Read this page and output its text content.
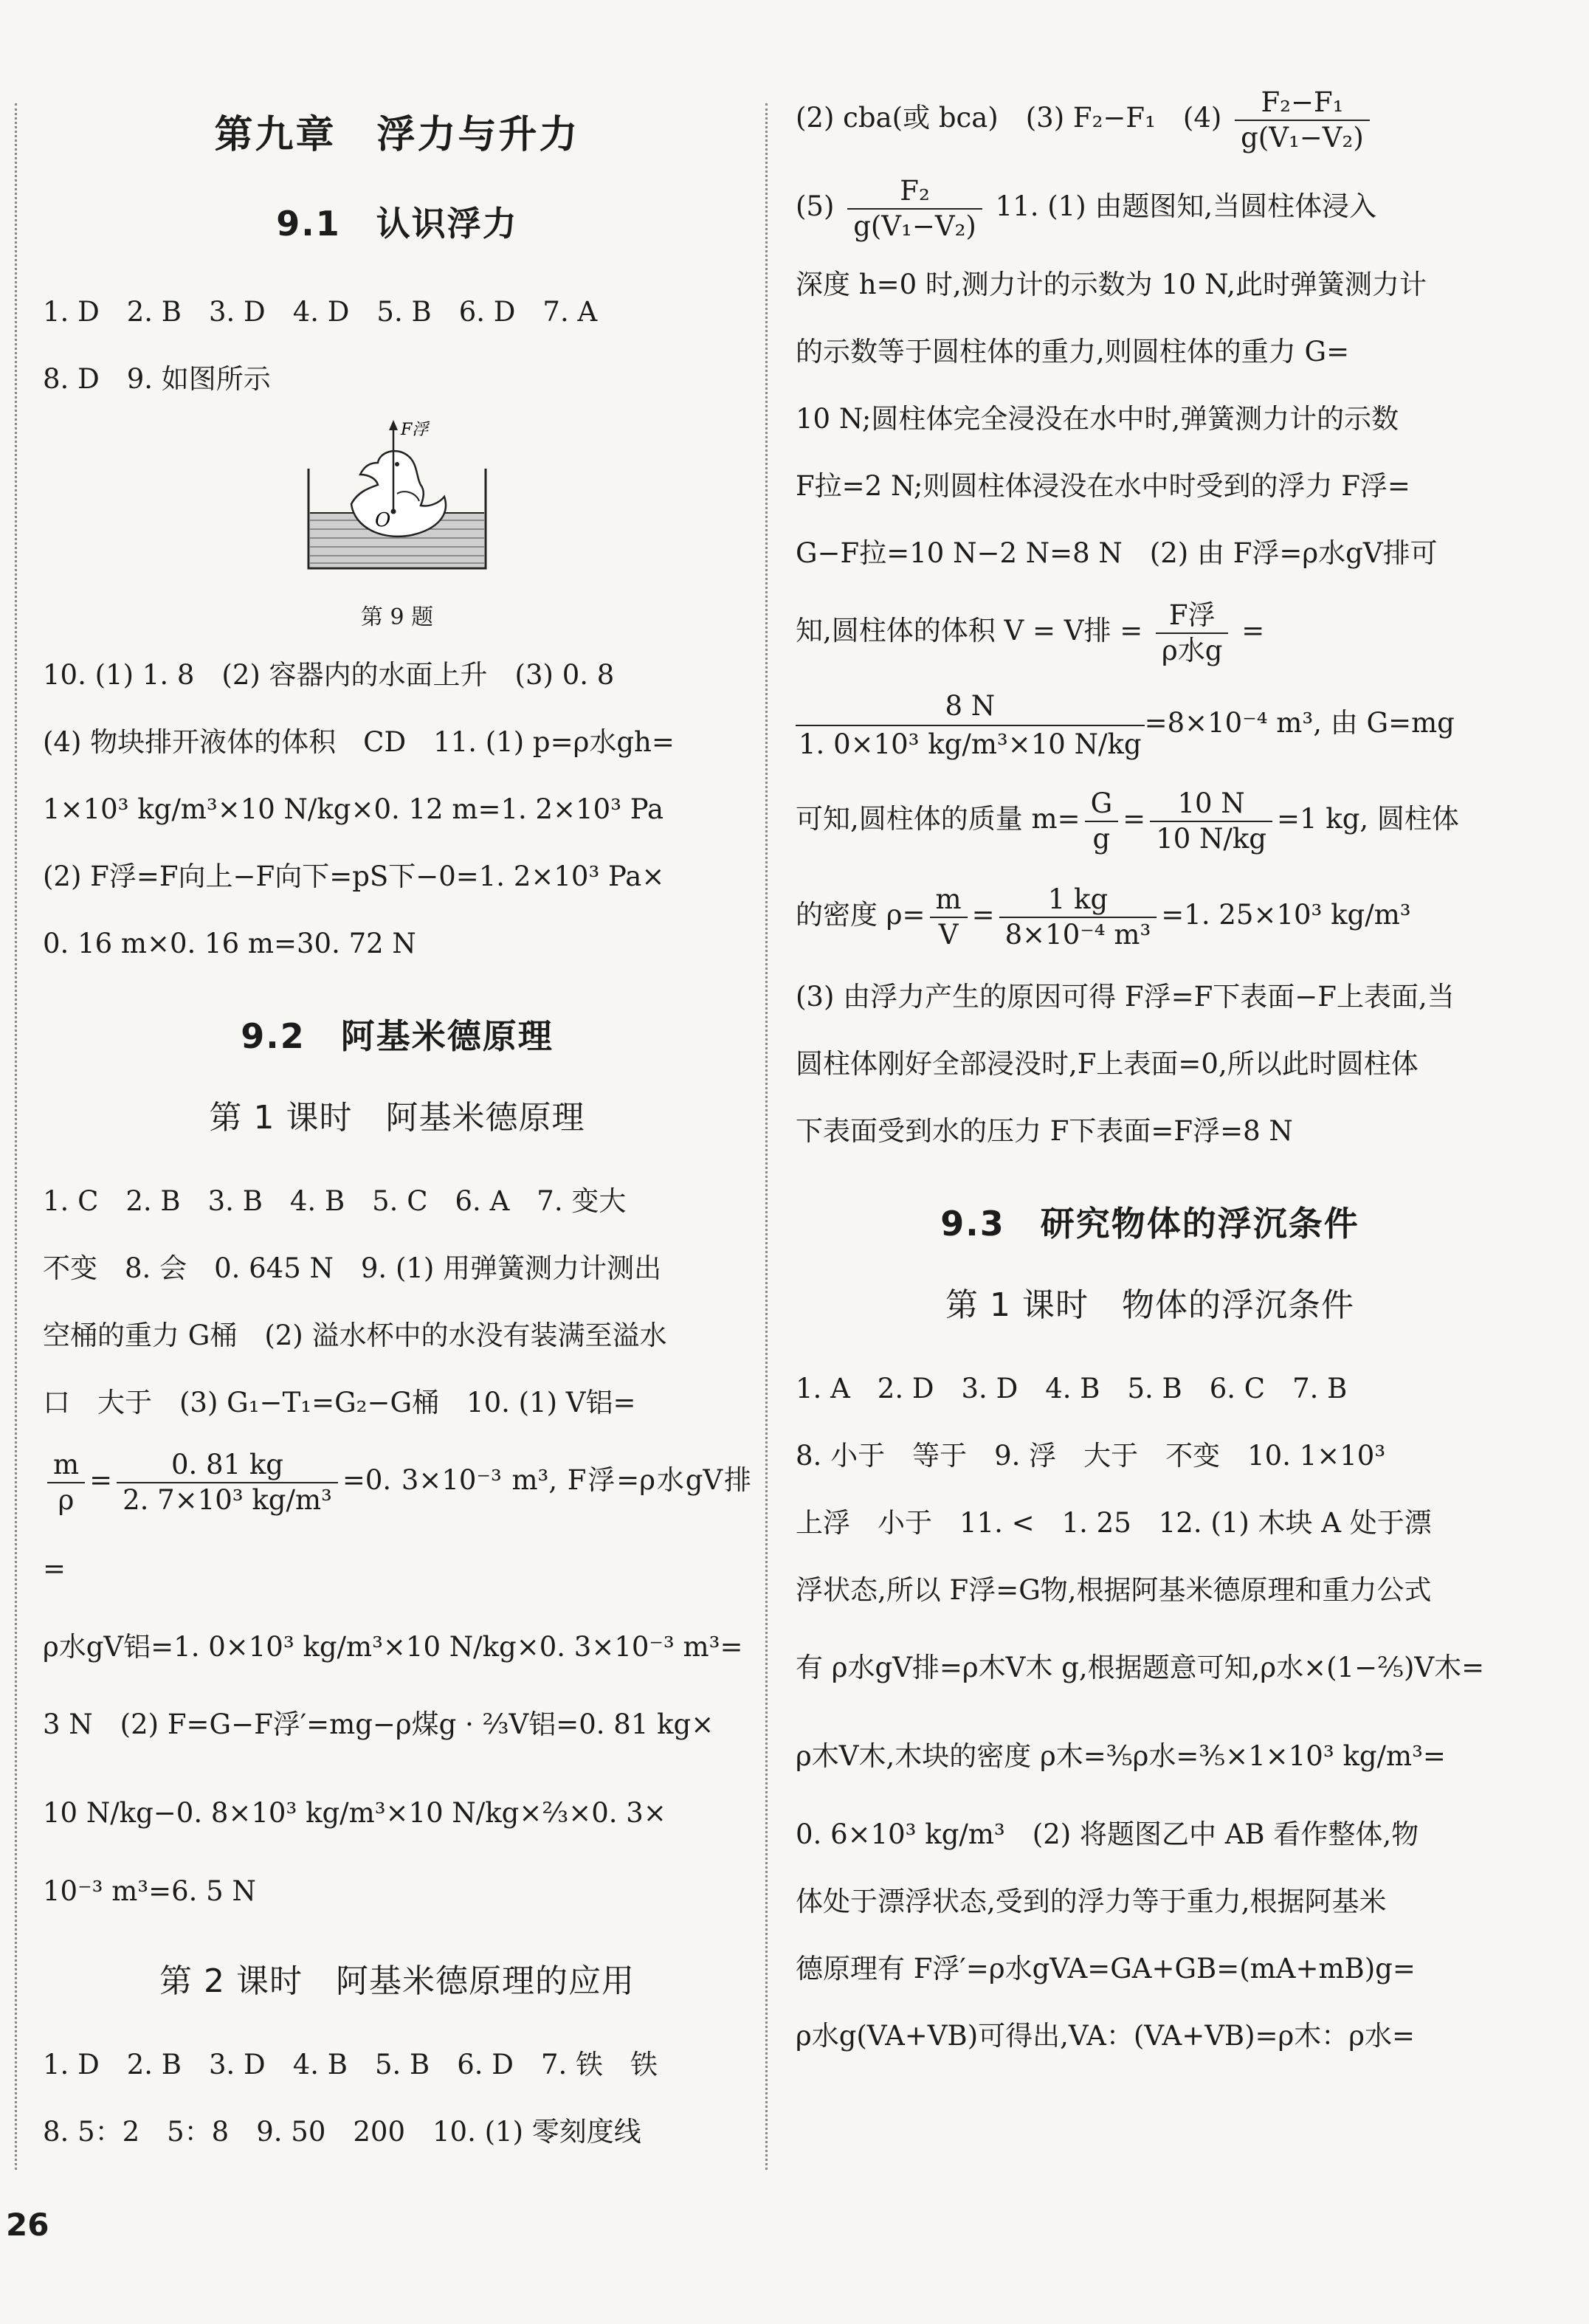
第九章　浮力与升力
9.1　认识浮力

1. D　2. B　3. D　4. D　5. B　6. D　7. A

8. D　9. 如图所示

F浮
O
第 9 题

10. (1) 1. 8　(2) 容器内的水面上升　(3) 0. 8

(4) 物块排开液体的体积　CD　11. (1) p=ρ水gh=

1×10³ kg/m³×10 N/kg×0. 12 m=1. 2×10³ Pa

(2) F浮=F向上−F向下=pS下−0=1. 2×10³ Pa×

0. 16 m×0. 16 m=30. 72 N

9.2　阿基米德原理
第 1 课时　阿基米德原理

1. C　2. B　3. B　4. B　5. C　6. A　7. 变大

不变　8. 会　0. 645 N　9. (1) 用弹簧测力计测出

空桶的重力 G桶　(2) 溢水杯中的水没有装满至溢水

口　大于　(3) G₁−T₁=G₂−G桶　10. (1) V铝=

$\frac{m}{\rho} = \frac{0. 81 kg}{\text{2. 7×10³ kg/m³}} =0$. 3×10⁻³ m³, F浮=ρ水gV排=

ρ水gV铝=1. 0×10³ kg/m³×10 N/kg×0. 3×10⁻³ m³=

3 N　(2) F=G−F浮′=mg−ρ煤g · ⅔V铝=0. 81 kg×

10 N/kg−0. 8×10³ kg/m³×10 N/kg×⅔×0. 3×

10⁻³ m³=6. 5 N

第 2 课时　阿基米德原理的应用

1. D　2. B　3. D　4. B　5. B　6. D　7. 铁　铁

8. 5：2　5：8　9. 50　200　10. (1) 零刻度线

(2) cba(或 bca)　(3) F₂−F₁　$(4) \frac{\text{F₂−F₁}}{\text{g(V₁−V₂)}}$

$(5) \frac{\text{F₂}}{\text{g(V₁−V₂)}} 11$. (1) 由题图知,当圆柱体浸入

深度 h=0 时,测力计的示数为 10 N,此时弹簧测力计

的示数等于圆柱体的重力,则圆柱体的重力 G=

10 N;圆柱体完全浸没在水中时,弹簧测力计的示数

F拉=2 N;则圆柱体浸没在水中时受到的浮力 F浮=

G−F拉=10 N−2 N=8 N　(2) 由 F浮=ρ水gV排可

知,圆柱体的体积 V = V排 = $\frac{\text{F浮}}{\text{ρ水g}}$ =

$\frac{8 N}{\text{1. 0×10³ kg/m³×10 N/kg}} =8\times 10^{-4}$ m³, 由 G=mg

可知,圆柱体的质量 $m= \frac{G}{g} = \frac{10 N}{10 N/kg} =1$ kg, 圆柱体

的密度 $\rho= \frac{m}{V} = \frac{1 kg}{\text{8×10⁻⁴ m³}} =1$. 25×10³ kg/m³

(3) 由浮力产生的原因可得 F浮=F下表面−F上表面,当

圆柱体刚好全部浸没时,F上表面=0,所以此时圆柱体

下表面受到水的压力 F下表面=F浮=8 N

9.3　研究物体的浮沉条件
第 1 课时　物体的浮沉条件

1. A　2. D　3. D　4. B　5. B　6. C　7. B

8. 小于　等于　9. 浮　大于　不变　10. 1×10³

上浮　小于　11. <　1. 25　12. (1) 木块 A 处于漂

浮状态,所以 F浮=G物,根据阿基米德原理和重力公式

有 ρ水gV排=ρ木V木 g,根据题意可知,ρ水×(1−⅖)V木=

ρ木V木,木块的密度 ρ木=⅗ρ水=⅗×1×10³ kg/m³=

0. 6×10³ kg/m³　(2) 将题图乙中 AB 看作整体,物

体处于漂浮状态,受到的浮力等于重力,根据阿基米

德原理有 F浮′=ρ水gVA=GA+GB=(mA+mB)g=

ρ水g(VA+VB)可得出,VA：(VA+VB)=ρ木：ρ水=

26
